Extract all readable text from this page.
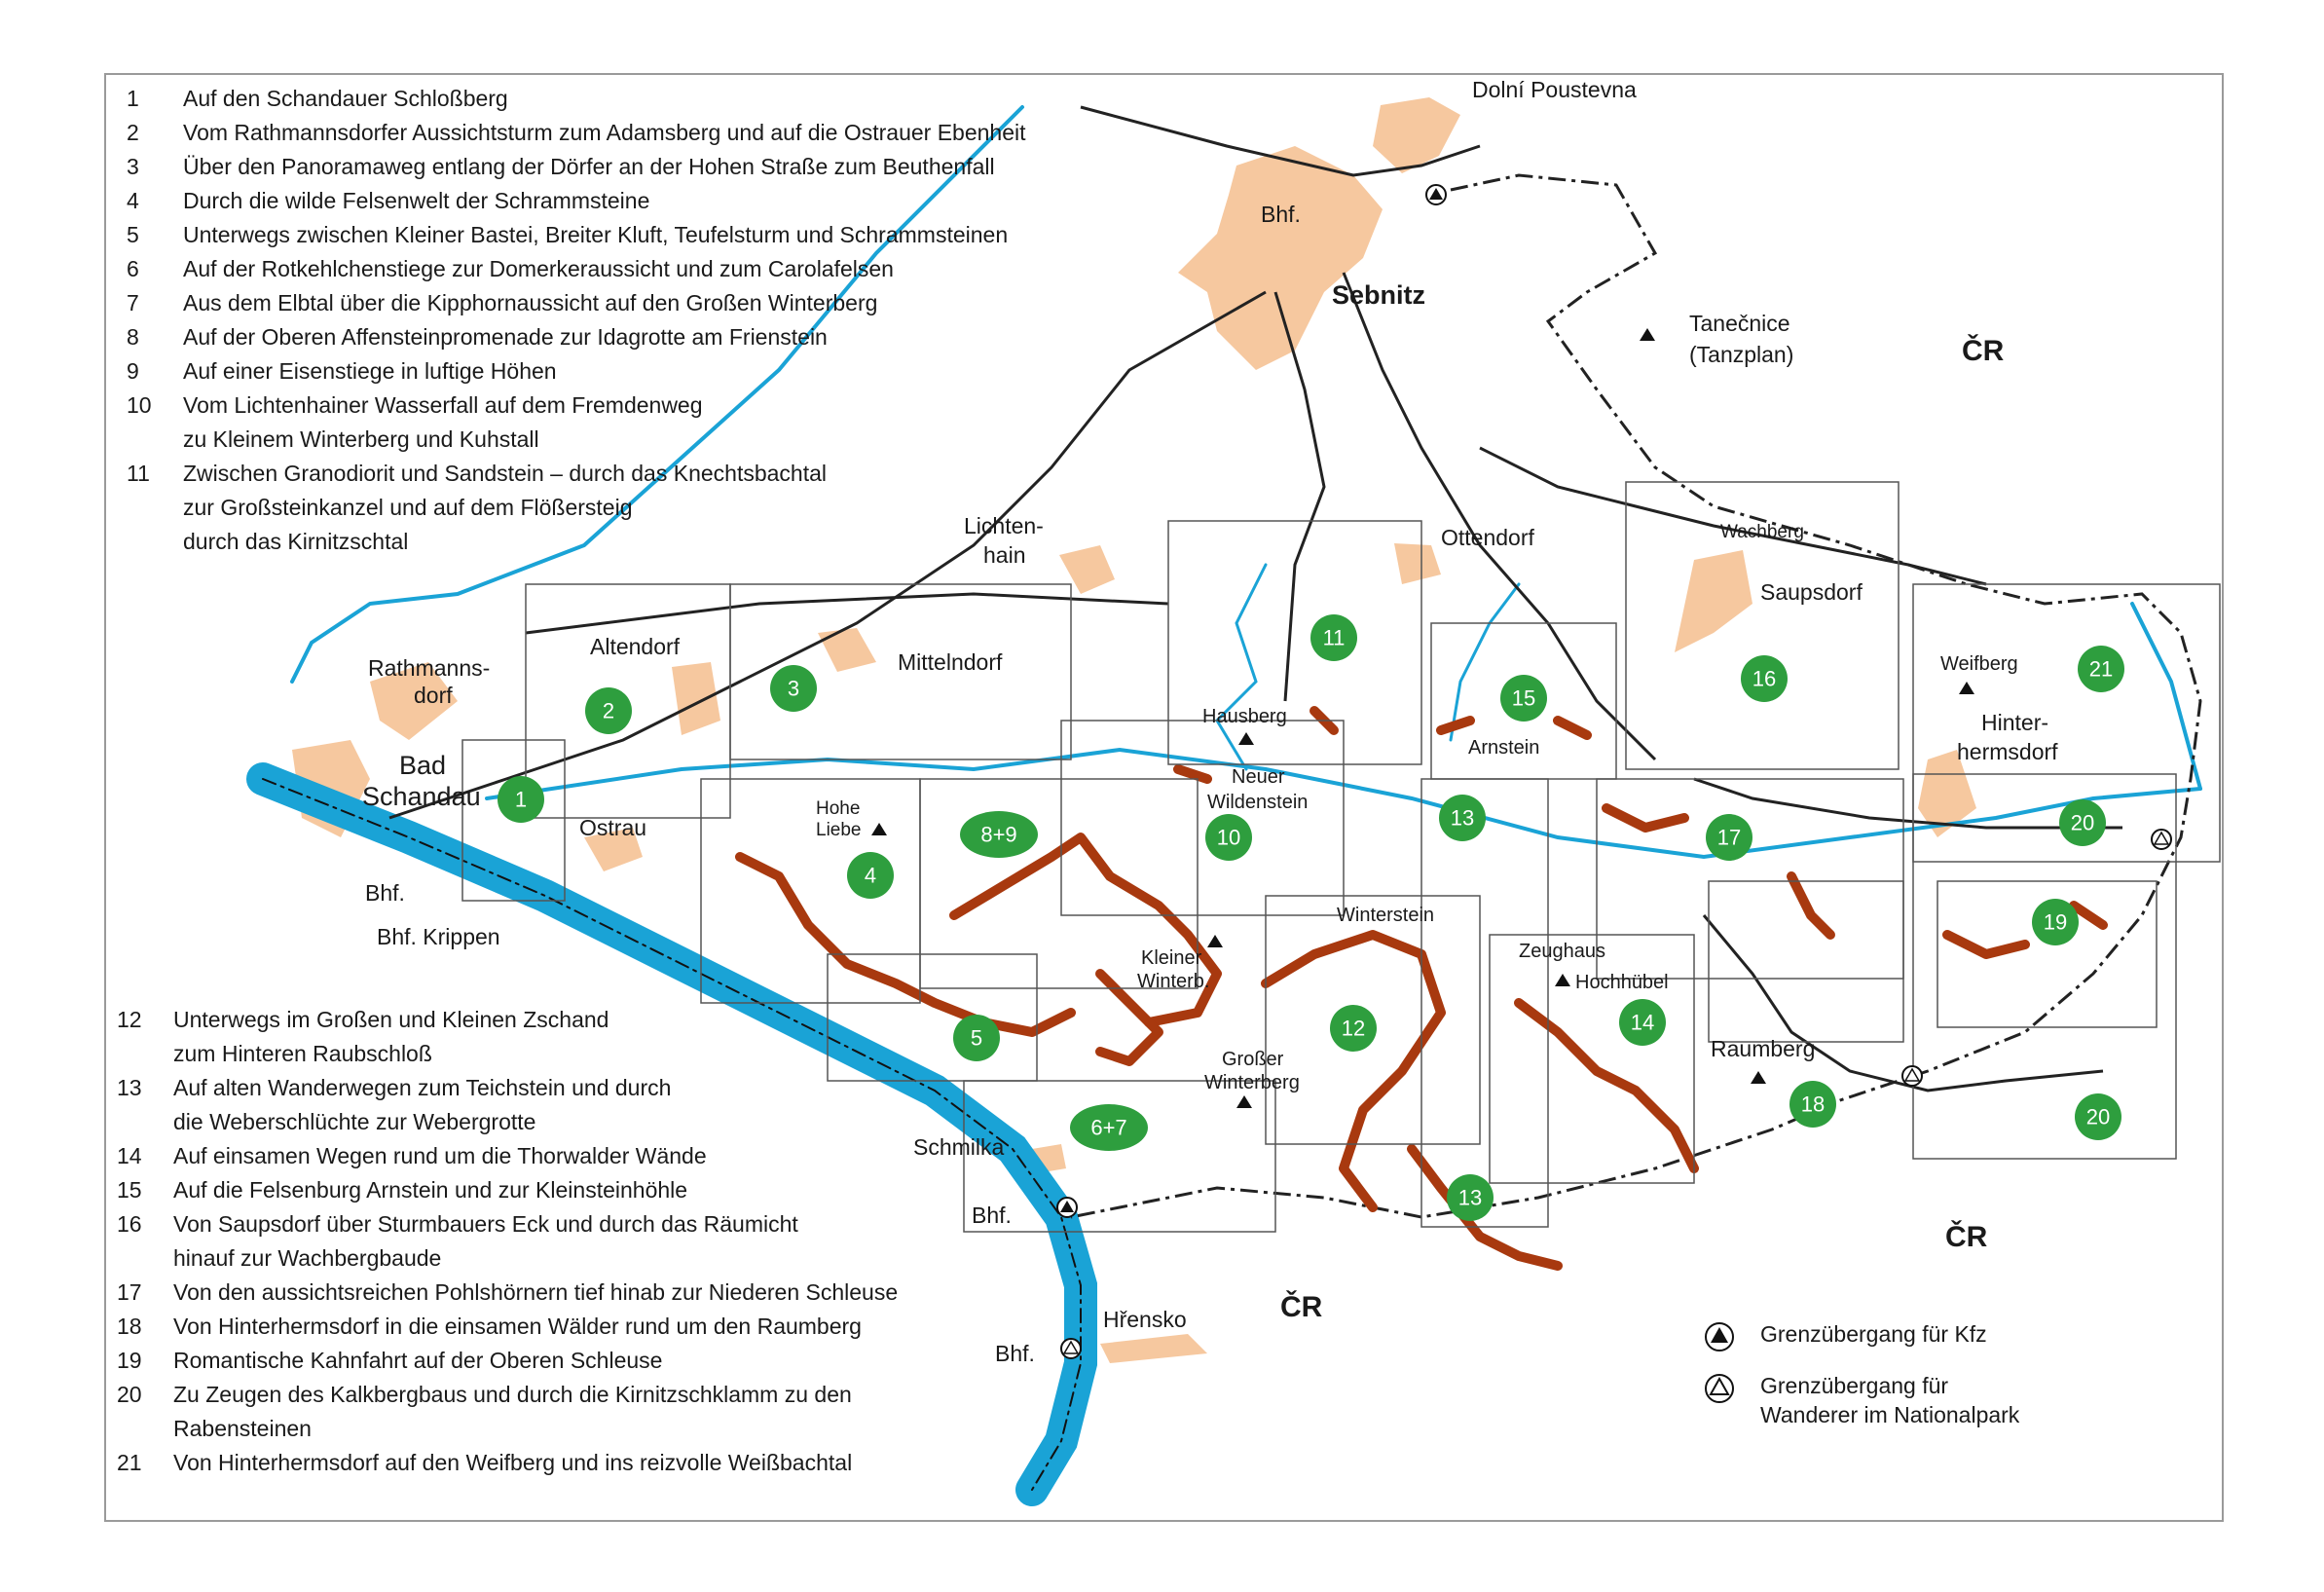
Dolní Poustevna
Bhf.
Sebnitz
Tanečnice
(Tanzplan)	ČR
Lichten-
hain
Ottendorf	Wachberg
Saupsdorf
Weifberg
Hinter-
hermsdorf
Rathmanns-
dorf
Altendorf
Mittelndorf
Hausberg
Arnstein
Neuer
Wildenstein
Bad
Schandau
Ostrau
Hohe
Liebe
Bhf.
Bhf. Krippen
Winterstein
Kleiner
Winterb.
Zeughaus
Hochhübel
Großer
Winterberg
Raumberg
Schmilka
Bhf.
ČR
ČR
Hřensko
Bhf.
1
2
3
4
5
6+7
8+9	10
11
12
13
13
14
15
16
17
18
19
20
20
21
1	Auf den Schandauer Schloßberg
2	Vom Rathmannsdorfer Aussichtsturm zum Adamsberg und auf die Ostrauer Ebenheit
3	Über den Panoramaweg entlang der Dörfer an der Hohen Straße zum Beuthenfall
4	Durch die wilde Felsenwelt der Schrammsteine
5	Unterwegs zwischen Kleiner Bastei, Breiter Kluft, Teufelsturm und Schrammsteinen
6	Auf der Rotkehlchenstiege zur Domerkeraussicht und zum Carolafelsen
7	Aus dem Elbtal über die Kipphornaussicht auf den Großen Winterberg
8	Auf der Oberen Affensteinpromenade zur Idagrotte am Frienstein
9	Auf einer Eisenstiege in luftige Höhen
10	Vom Lichtenhainer Wasserfall auf dem Fremdenweg
zu Kleinem Winterberg und Kuhstall
11	Zwischen Granodiorit und Sandstein – durch das Knechtsbachtal
zur Großsteinkanzel und auf dem Flößersteig
durch das Kirnitzschtal
12	Unterwegs im Großen und Kleinen Zschand
zum Hinteren Raubschloß
13	Auf alten Wanderwegen zum Teichstein und durch
die Weberschlüchte zur Webergrotte
14	Auf einsamen Wegen rund um die Thorwalder Wände
15	Auf die Felsenburg Arnstein und zur Kleinsteinhöhle
16	Von Saupsdorf über Sturmbauers Eck und durch das Räumicht
hinauf zur Wachbergbaude
17	Von den aussichtsreichen Pohlshörnern tief hinab zur Niederen Schleuse
18	Von Hinterhermsdorf in die einsamen Wälder rund um den Raumberg
19	Romantische Kahnfahrt auf der Oberen Schleuse
20	Zu Zeugen des Kalkbergbaus und durch die Kirnitzschklamm zu den
Rabensteinen
21	Von Hinterhermsdorf auf den Weifberg und ins reizvolle Weißbachtal
Grenzübergang für Kfz
Grenzübergang für
Wanderer im Nationalpark
